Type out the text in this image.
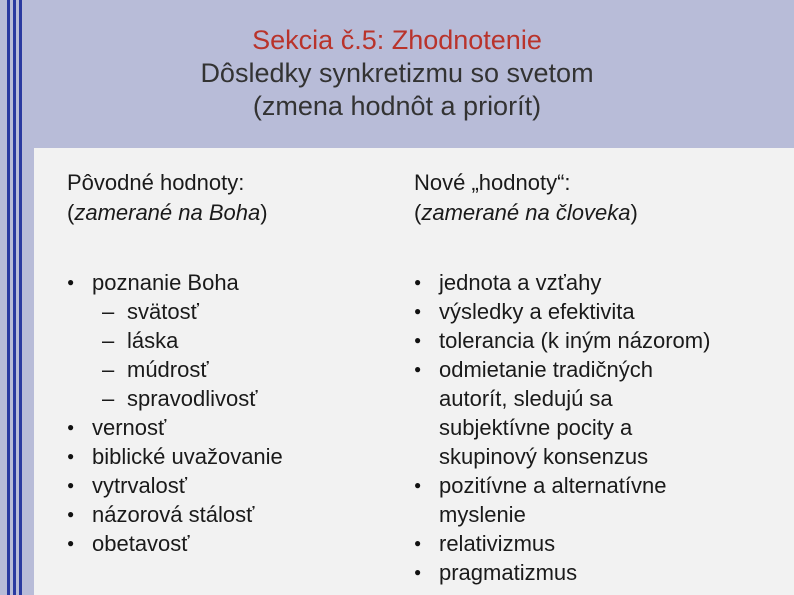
Sekcia č.5: Zhodnotenie
Dôsledky synkretizmu so svetom
(zmena hodnôt a priorít)

Pôvodné hodnoty:

(zamerané na Boha)

● poznanie Boha
– svätosť
– láska
– múdrosť
– spravodlivosť
● vernosť
● biblické uvažovanie
● vytrvalosť
● názorová stálosť
● obetavosť

Nové „hodnoty“:

(zamerané na človeka)

● jednota a vzťahy
● výsledky a efektivita
● tolerancia (k iným názorom)
● odmietanie tradičných autorít, sledujú sa subjektívne pocity a skupinový konsenzus
● pozitívne a alternatívne myslenie
● relativizmus
● pragmatizmus
